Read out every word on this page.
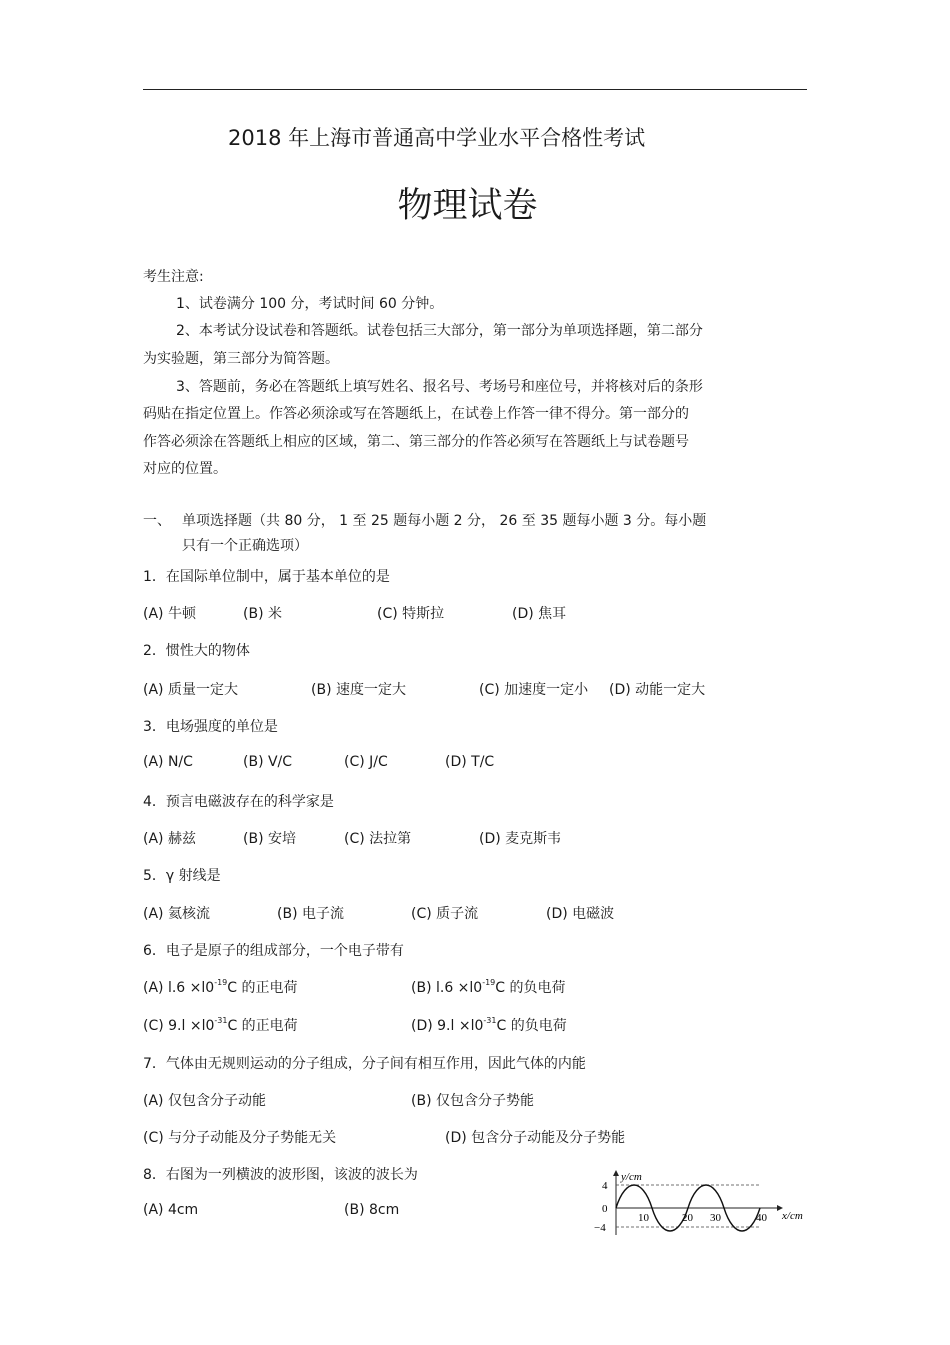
2018 年上海市普通高中学业水平合格性考试
物理试卷
考生注意:
1、试卷满分 100 分，考试时间 60 分钟。
2、本考试分设试卷和答题纸。试卷包括三大部分，第一部分为单项选择题，第二部分
为实验题，第三部分为简答题。
3、答题前，务必在答题纸上填写姓名、报名号、考场号和座位号，并将核对后的条形
码贴在指定位置上。作答必须涂或写在答题纸上，在试卷上作答一律不得分。第一部分的
作答必须涂在答题纸上相应的区域，第二、第三部分的作答必须写在答题纸上与试卷题号
对应的位置。
一、 单项选择题（共 80 分， 1 至 25 题每小题 2 分， 26 至 35 题每小题 3 分。每小题
只有一个正确选项）
1．在国际单位制中，属于基本单位的是
(A) 牛顿	(B) 米	(C) 特斯拉	(D) 焦耳
2．惯性大的物体
(A) 质量一定大	(B) 速度一定大	(C) 加速度一定小 (D) 动能一定大
3．电场强度的单位是
(A) N/C	(B) V/C	(C) J/C	(D) T/C
4．预言电磁波存在的科学家是
(A) 赫兹	(B) 安培	(C) 法拉第	(D) 麦克斯韦
5．γ 射线是
(A) 氦核流	(B) 电子流	(C) 质子流	(D) 电磁波
6．电子是原子的组成部分，一个电子带有
(A) $l.6 \times l0^{-19}C$ 的正电荷	(B) $l.6 \times l0^{-19}C$ 的负电荷
(C) $9.l \times l0^{-31}C$ 的正电荷	(D) $9.l \times l0^{-31}C$ 的负电荷
7．气体由无规则运动的分子组成，分子间有相互作用，因此气体的内能
(A) 仅包含分子动能	(B) 仅包含分子势能
(C) 与分子动能及分子势能无关	(D) 包含分子动能及分子势能
8．右图为一列横波的波形图，该波的波长为
(A) 4cm	(B) 8cm
y/cm
x/cm
4
0
−4
10	20 30	40
